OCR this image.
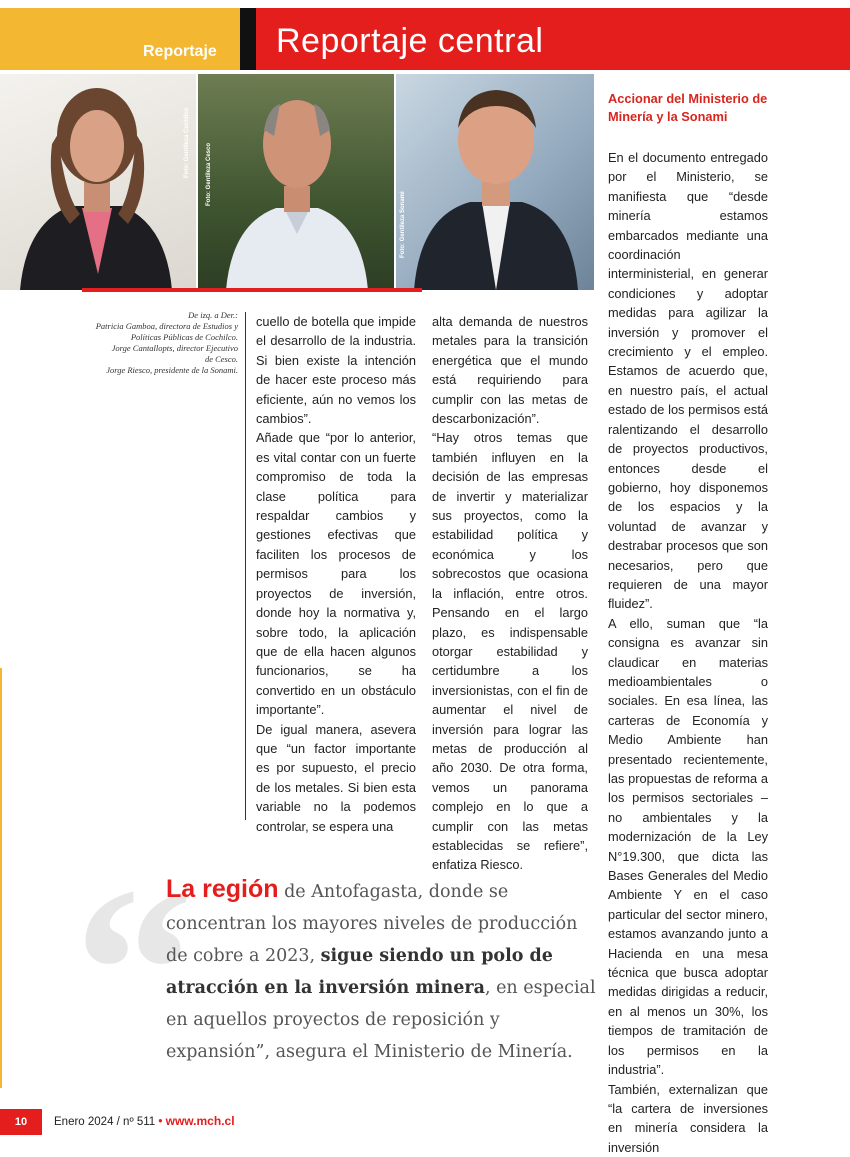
Reportaje Reportaje central
Foto: Gentileza Cochilco	Foto: Gentileza Cesco
Foto: Gentileza Sonami
De izq. a Der.:
Patricia Gamboa, directora de Estudios y
Políticas Públicas de Cochilco.
Jorge Cantallopts, director Ejecutivo
de Cesco.
Jorge Riesco, presidente de la Sonami.

cuello de botella que impide el desarrollo de la industria. Si bien existe la intención de hacer este proceso más eficiente, aún no vemos los cambios”.

Añade que “por lo anterior, es vital contar con un fuerte compromiso de toda la clase política para respaldar cambios y gestiones efectivas que faciliten los procesos de permisos para los proyectos de inversión, donde hoy la normativa y, sobre todo, la aplicación que de ella hacen algunos funcionarios, se ha convertido en un obstáculo importante”.

De igual manera, asevera que “un factor importante es por supuesto, el precio de los metales. Si bien esta variable no la podemos controlar, se espera una

alta demanda de nuestros metales para la transición energética que el mundo está requiriendo para cumplir con las metas de descarbonización”.

“Hay otros temas que también influyen en la decisión de las empresas de invertir y materializar sus proyectos, como la estabilidad política y económica y los sobrecostos que ocasiona la inflación, entre otros. Pensando en el largo plazo, es indispensable otorgar estabilidad y certidumbre a los inversionistas, con el fin de aumentar el nivel de inversión para lograr las metas de producción al año 2030. De otra forma, vemos un panorama complejo en lo que a cumplir con las metas establecidas se refiere”, enfatiza Riesco.

Accionar del Ministerio de Minería y la Sonami

En el documento entregado por el Ministerio, se manifiesta que “desde minería estamos embarcados mediante una coordinación interministerial, en generar condiciones y adoptar medidas para agilizar la inversión y promover el crecimiento y el empleo. Estamos de acuerdo que, en nuestro país, el actual estado de los permisos está ralentizando el desarrollo de proyectos productivos, entonces desde el gobierno, hoy disponemos de los espacios y la voluntad de avanzar y destrabar procesos que son necesarios, pero que requieren de una mayor fluidez”.

A ello, suman que “la consigna es avanzar sin claudicar en materias medioambientales o sociales. En esa línea, las carteras de Economía y Medio Ambiente han presentado recientemente, las propuestas de reforma a los permisos sectoriales – no ambientales y la modernización de la Ley N°19.300, que dicta las Bases Generales del Medio Ambiente Y en el caso particular del sector minero, estamos avanzando junto a Hacienda en una mesa técnica que busca adoptar medidas dirigidas a reducir, en al menos un 30%, los tiempos de tramitación de los permisos en la industria”.

También, externalizan que “la cartera de inversiones en minería considera la inversión

“
La región de Antofagasta, donde se concentran los mayores niveles de producción de cobre a 2023, sigue siendo un polo de atracción en la inversión minera, en especial en aquellos proyectos de reposición y expansión”, asegura el Ministerio de Minería.
10	Enero 2024 / nº 511 • www.mch.cl
